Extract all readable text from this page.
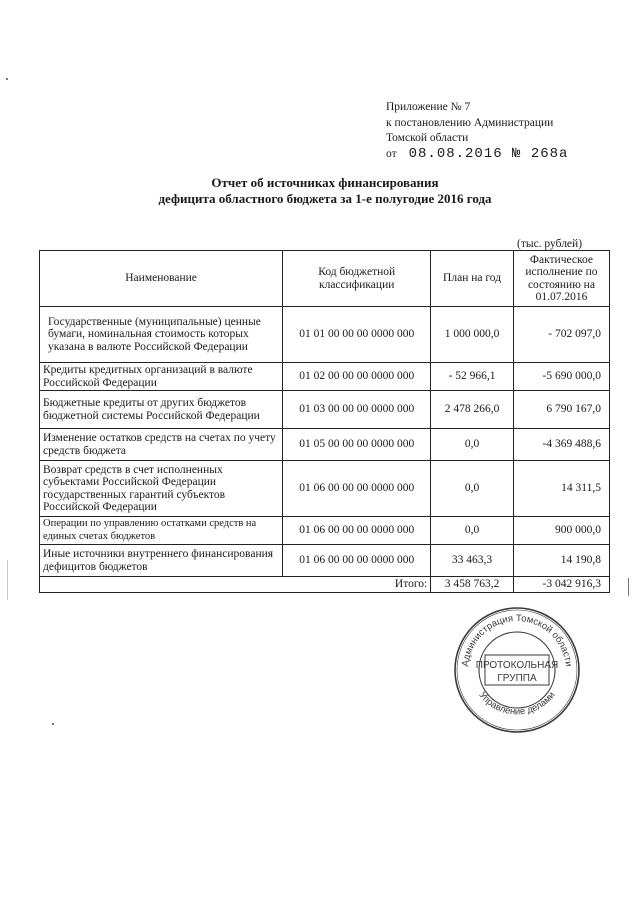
Приложение № 7
к постановлению Администрации
Томской области
от 08.08.2016 № 268а
Отчет об источниках финансирования
дефицита областного бюджета за 1-е полугодие 2016 года
(тыс. рублей)
Наименование	Код бюджетной классификации	План на год	Фактическое исполнение по состоянию на 01.07.2016
Государственные (муниципальные) ценные бумаги, номинальная стоимость которых указана в валюте Российской Федерации	01 01 00 00 00 0000 000	1 000 000,0	- 702 097,0
Кредиты кредитных организаций в валюте Российской Федерации	01 02 00 00 00 0000 000	- 52 966,1	-5 690 000,0
Бюджетные кредиты от других бюджетов бюджетной системы Российской Федерации	01 03 00 00 00 0000 000	2 478 266,0	6 790 167,0
Изменение остатков средств на счетах по учету средств бюджета	01 05 00 00 00 0000 000	0,0	-4 369 488,6
Возврат средств в счет исполненных субъектами Российской Федерации государственных гарантий субъектов Российской Федерации	01 06 00 00 00 0000 000	0,0	14 311,5
Операции по управлению остатками средств на единых счетах бюджетов	01 06 00 00 00 0000 000	0,0	900 000,0
Иные источники внутреннего финансирования дефицитов бюджетов	01 06 00 00 00 0000 000	33 463,3	14 190,8
Итого:		3 458 763,2	-3 042 916,3
Администрация Томской области
Управление делами
ПРОТОКОЛЬНАЯ
ГРУППА
